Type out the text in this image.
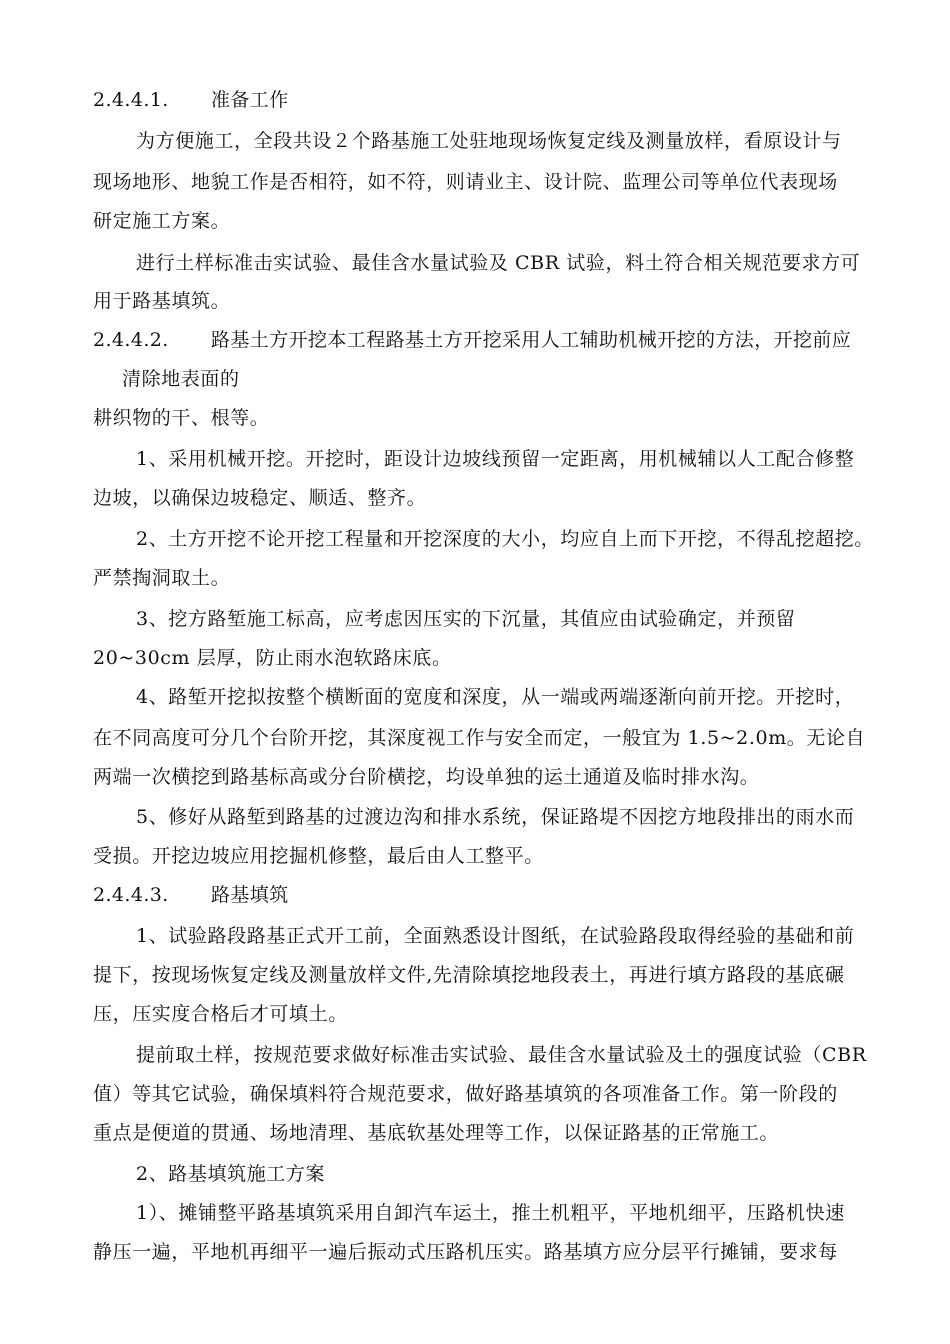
2.4.4.1. 准备工作
为方便施工，全段共设２个路基施工处驻地现场恢复定线及测量放样，看原设计与
现场地形、地貌工作是否相符，如不符，则请业主、设计院、监理公司等单位代表现场
研定施工方案。
进行土样标准击实试验、最佳含水量试验及 CBR 试验，料土符合相关规范要求方可
用于路基填筑。
2.4.4.2. 路基土方开挖本工程路基土方开挖采用人工辅助机械开挖的方法，开挖前应
清除地表面的
耕织物的干、根等。
1、采用机械开挖。开挖时，距设计边坡线预留一定距离，用机械辅以人工配合修整
边坡，以确保边坡稳定、顺适、整齐。
2、土方开挖不论开挖工程量和开挖深度的大小，均应自上而下开挖，不得乱挖超挖。
严禁掏洞取土。
3、挖方路堑施工标高，应考虑因压实的下沉量，其值应由试验确定，并预留
20~30cm 层厚，防止雨水泡软路床底。
4、路堑开挖拟按整个横断面的宽度和深度，从一端或两端逐渐向前开挖。开挖时，
在不同高度可分几个台阶开挖，其深度视工作与安全而定，一般宜为 1.5~2.0m。无论自
两端一次横挖到路基标高或分台阶横挖，均设单独的运土通道及临时排水沟。
5、修好从路堑到路基的过渡边沟和排水系统，保证路堤不因挖方地段排出的雨水而
受损。开挖边坡应用挖掘机修整，最后由人工整平。
2.4.4.3. 路基填筑
1、试验路段路基正式开工前，全面熟悉设计图纸，在试验路段取得经验的基础和前
提下，按现场恢复定线及测量放样文件,先清除填挖地段表土，再进行填方路段的基底碾
压，压实度合格后才可填土。
提前取土样，按规范要求做好标准击实试验、最佳含水量试验及土的强度试验（CBR
值）等其它试验，确保填料符合规范要求，做好路基填筑的各项准备工作。第一阶段的
重点是便道的贯通、场地清理、基底软基处理等工作，以保证路基的正常施工。
2、路基填筑施工方案
1）、摊铺整平路基填筑采用自卸汽车运土，推土机粗平，平地机细平，压路机快速
静压一遍，平地机再细平一遍后振动式压路机压实。路基填方应分层平行摊铺，要求每
